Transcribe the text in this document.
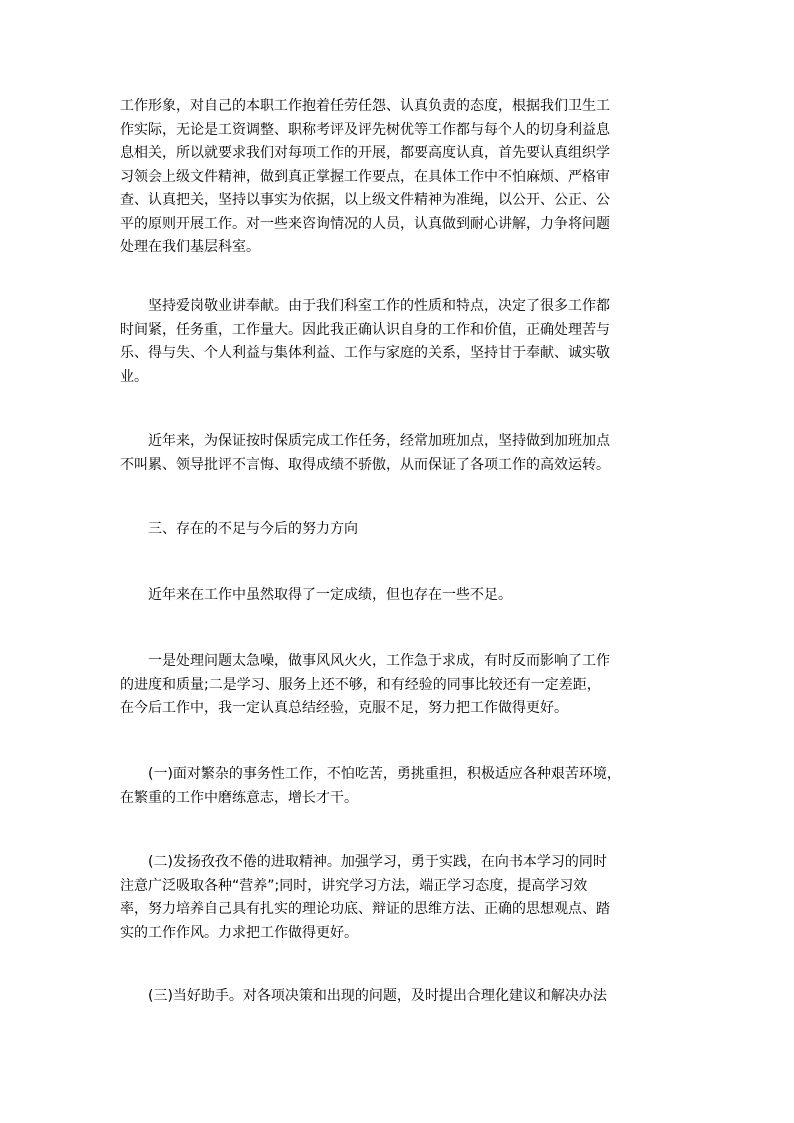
工作形象，对自己的本职工作抱着任劳任怨、认真负责的态度，根据我们卫生工
作实际，无论是工资调整、职称考评及评先树优等工作都与每个人的切身利益息
息相关，所以就要求我们对每项工作的开展，都要高度认真，首先要认真组织学
习领会上级文件精神，做到真正掌握工作要点，在具体工作中不怕麻烦、严格审
查、认真把关，坚持以事实为依据，以上级文件精神为准绳，以公开、公正、公
平的原则开展工作。对一些来咨询情况的人员，认真做到耐心讲解，力争将问题
处理在我们基层科室。

　　坚持爱岗敬业讲奉献。由于我们科室工作的性质和特点，决定了很多工作都
时间紧，任务重，工作量大。因此我正确认识自身的工作和价值，正确处理苦与
乐、得与失、个人利益与集体利益、工作与家庭的关系，坚持甘于奉献、诚实敬
业。

　　近年来，为保证按时保质完成工作任务，经常加班加点，坚持做到加班加点
不叫累、领导批评不言悔、取得成绩不骄傲，从而保证了各项工作的高效运转。

　　三、存在的不足与今后的努力方向

　　近年来在工作中虽然取得了一定成绩，但也存在一些不足。

　　一是处理问题太急噪，做事风风火火，工作急于求成，有时反而影响了工作
的进度和质量;二是学习、服务上还不够，和有经验的同事比较还有一定差距，
在今后工作中，我一定认真总结经验，克服不足，努力把工作做得更好。

　　(一)面对繁杂的事务性工作，不怕吃苦，勇挑重担，积极适应各种艰苦环境，
在繁重的工作中磨练意志，增长才干。

　　(二)发扬孜孜不倦的进取精神。加强学习，勇于实践，在向书本学习的同时
注意广泛吸取各种“营养”;同时，讲究学习方法，端正学习态度，提高学习效
率，努力培养自己具有扎实的理论功底、辩证的思维方法、正确的思想观点、踏
实的工作作风。力求把工作做得更好。

　　(三)当好助手。对各项决策和出现的问题，及时提出合理化建议和解决办法
